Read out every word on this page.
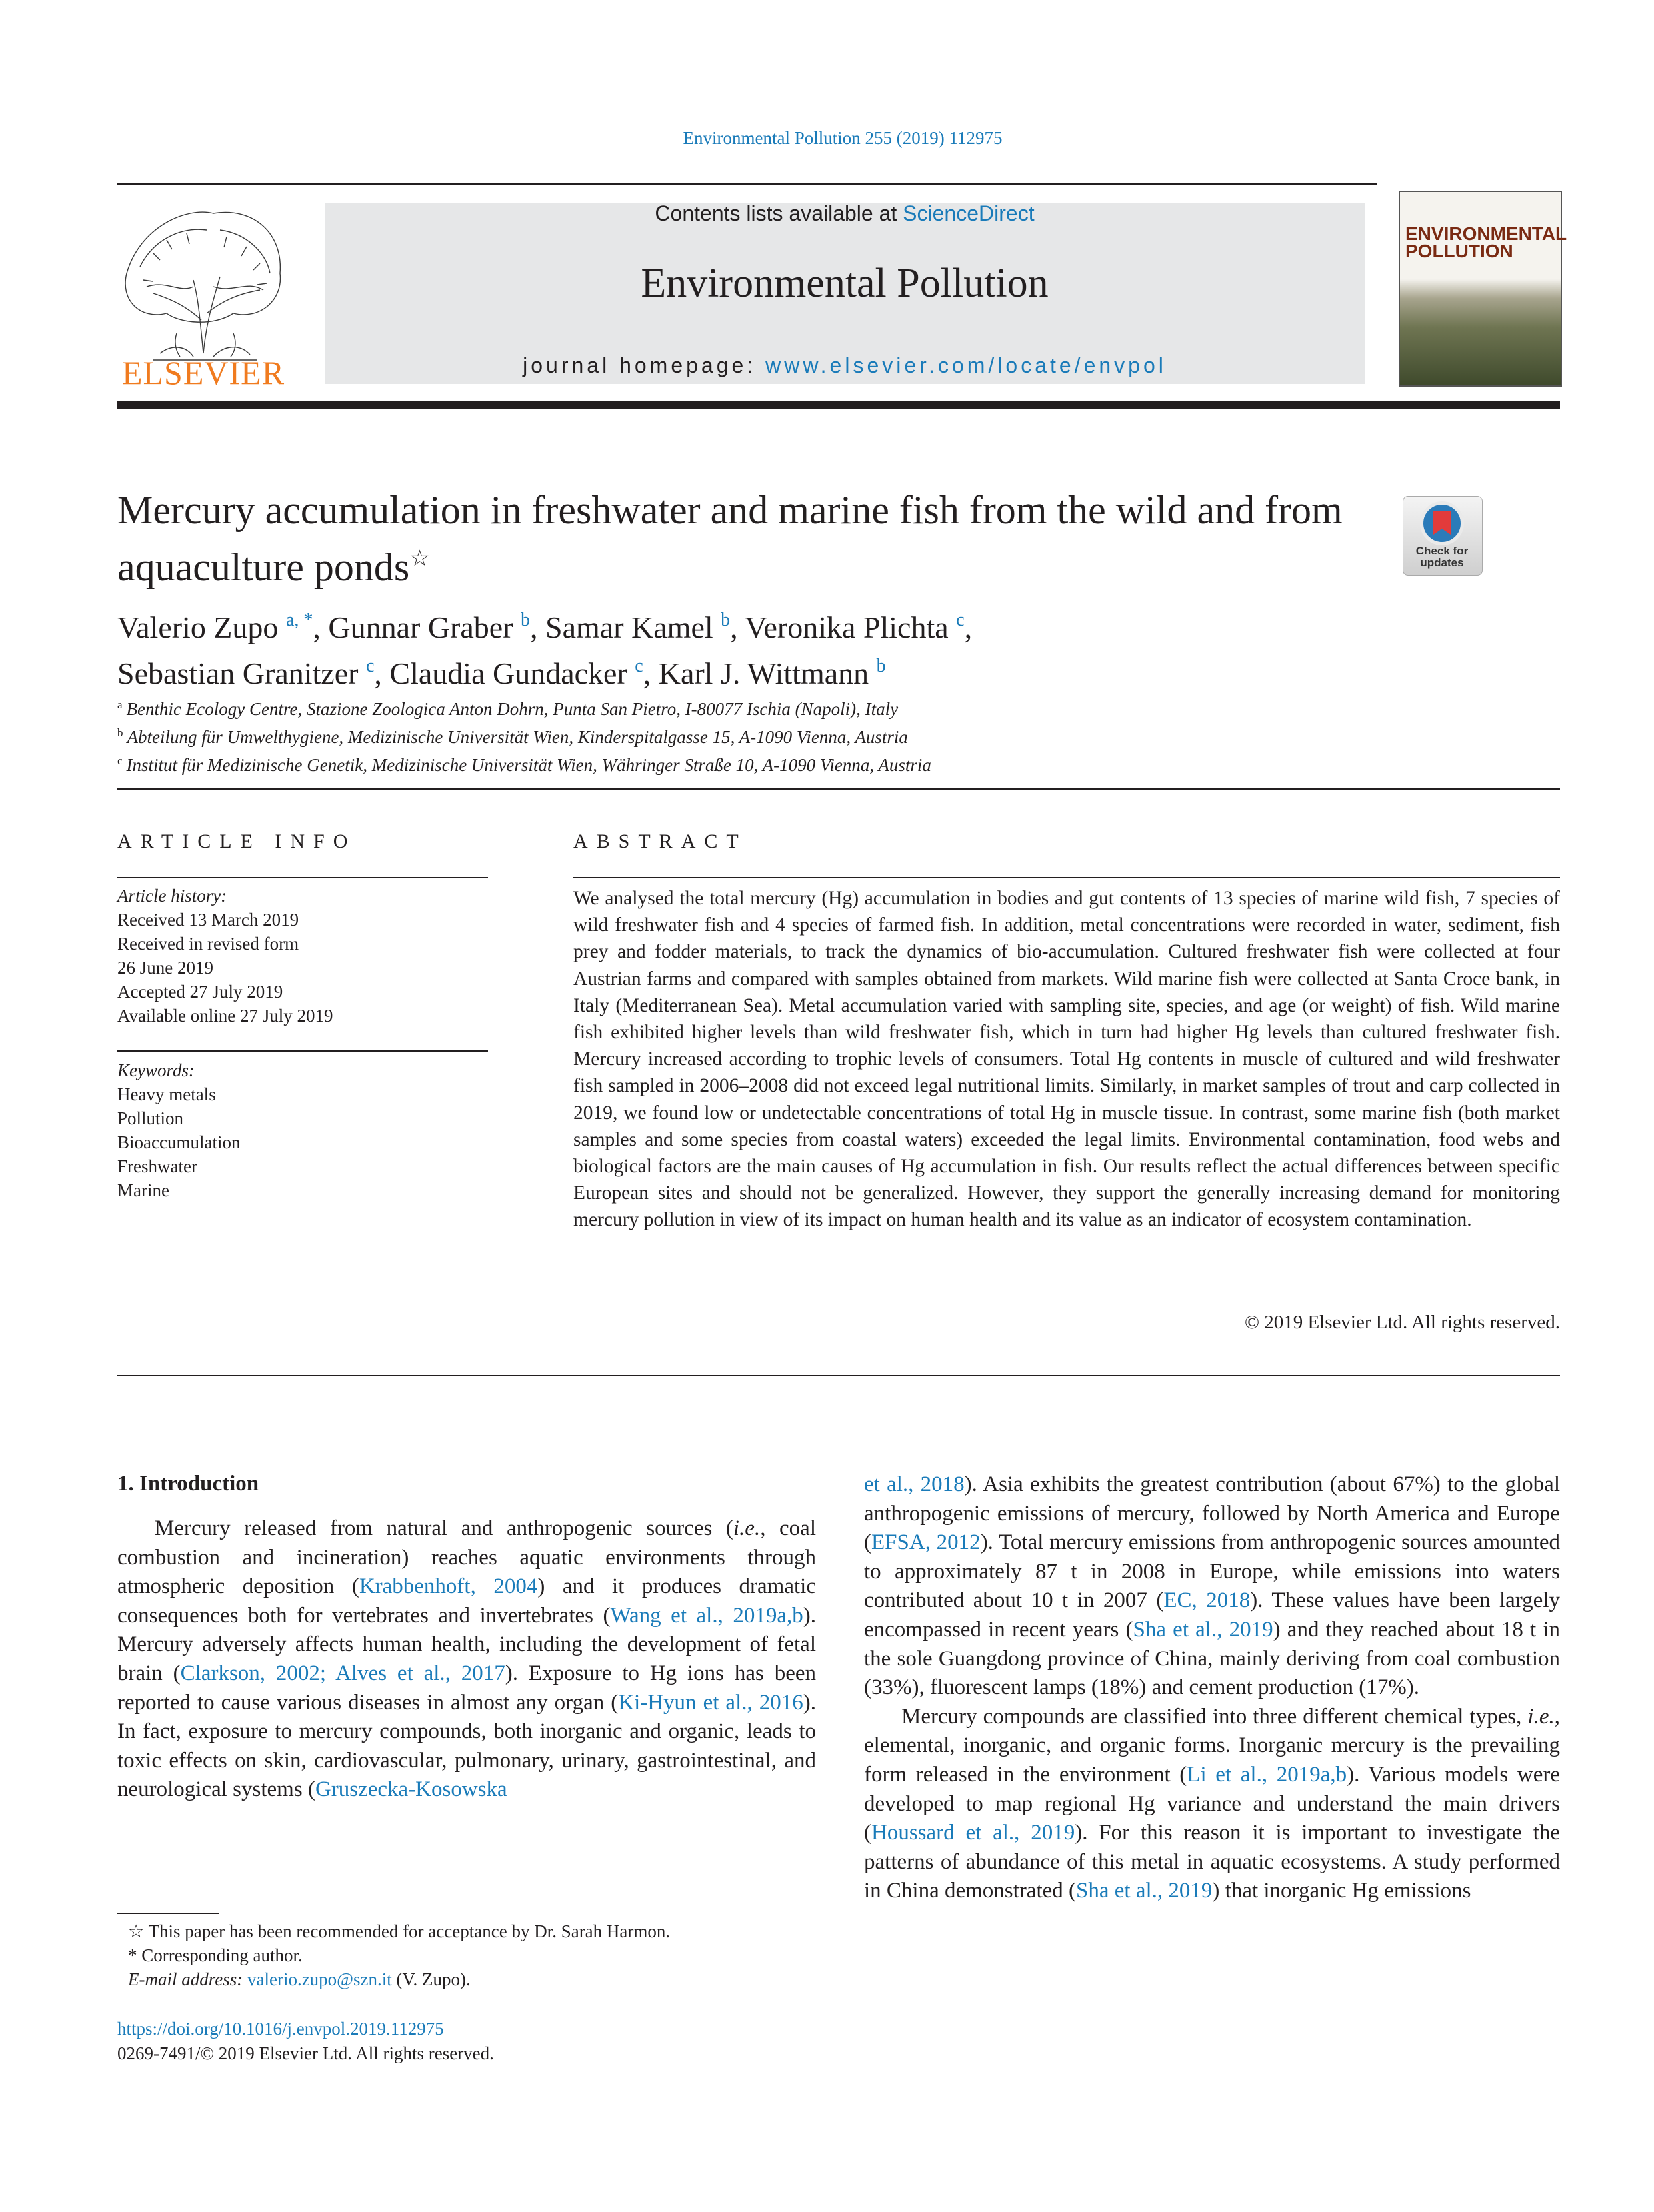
Environmental Pollution 255 (2019) 112975
ELSEVIER
Contents lists available at ScienceDirect
Environmental Pollution
journal homepage: www.elsevier.com/locate/envpol
ENVIRONMENTAL POLLUTION
Mercury accumulation in freshwater and marine fish from the wild and from aquaculture ponds☆	Check for updates
Valerio Zupo $^{a, *}$, Gunnar Graber $^b$, Samar Kamel $^b$, Veronika Plichta $^c$,
Sebastian Granitzer $^c$, Claudia Gundacker $^c$, Karl J. Wittmann $^b$
$^a$ Benthic Ecology Centre, Stazione Zoologica Anton Dohrn, Punta San Pietro, I-80077 Ischia (Napoli), Italy
$^b$ Abteilung für Umwelthygiene, Medizinische Universität Wien, Kinderspitalgasse 15, A-1090 Vienna, Austria
$^c$ Institut für Medizinische Genetik, Medizinische Universität Wien, Währinger Straße 10, A-1090 Vienna, Austria
ARTICLE INFO	ABSTRACT
Article history:
Received 13 March 2019
Received in revised form
26 June 2019
Accepted 27 July 2019
Available online 27 July 2019
Keywords:
Heavy metals
Pollution
Bioaccumulation
Freshwater
Marine
We analysed the total mercury (Hg) accumulation in bodies and gut contents of 13 species of marine wild fish, 7 species of wild freshwater fish and 4 species of farmed fish. In addition, metal concentrations were recorded in water, sediment, fish prey and fodder materials, to track the dynamics of bio-accumulation. Cultured freshwater fish were collected at four Austrian farms and compared with samples obtained from markets. Wild marine fish were collected at Santa Croce bank, in Italy (Mediterranean Sea). Metal accumulation varied with sampling site, species, and age (or weight) of fish. Wild marine fish exhibited higher levels than wild freshwater fish, which in turn had higher Hg levels than cultured freshwater fish. Mercury increased according to trophic levels of consumers. Total Hg contents in muscle of cultured and wild freshwater fish sampled in 2006–2008 did not exceed legal nutritional limits. Similarly, in market samples of trout and carp collected in 2019, we found low or undetectable concentrations of total Hg in muscle tissue. In contrast, some marine fish (both market samples and some species from coastal waters) exceeded the legal limits. Environmental contamination, food webs and biological factors are the main causes of Hg accumulation in fish. Our results reflect the actual differences between specific European sites and should not be generalized. However, they support the generally increasing demand for monitoring mercury pollution in view of its impact on human health and its value as an indicator of ecosystem contamination.
© 2019 Elsevier Ltd. All rights reserved.
1. Introduction

Mercury released from natural and anthropogenic sources (i.e., coal combustion and incineration) reaches aquatic environments through atmospheric deposition (Krabbenhoft, 2004) and it produces dramatic consequences both for vertebrates and invertebrates (Wang et al., 2019a,b). Mercury adversely affects human health, including the development of fetal brain (Clarkson, 2002; Alves et al., 2017). Exposure to Hg ions has been reported to cause various diseases in almost any organ (Ki-Hyun et al., 2016). In fact, exposure to mercury compounds, both inorganic and organic, leads to toxic effects on skin, cardiovascular, pulmonary, urinary, gastrointestinal, and neurological systems (Gruszecka-Kosowska

et al., 2018). Asia exhibits the greatest contribution (about 67%) to the global anthropogenic emissions of mercury, followed by North America and Europe (EFSA, 2012). Total mercury emissions from anthropogenic sources amounted to approximately 87 t in 2008 in Europe, while emissions into waters contributed about 10 t in 2007 (EC, 2018). These values have been largely encompassed in recent years (Sha et al., 2019) and they reached about 18 t in the sole Guangdong province of China, mainly deriving from coal combustion (33%), fluorescent lamps (18%) and cement production (17%).

Mercury compounds are classified into three different chemical types, i.e., elemental, inorganic, and organic forms. Inorganic mercury is the prevailing form released in the environment (Li et al., 2019a,b). Various models were developed to map regional Hg variance and understand the main drivers (Houssard et al., 2019). For this reason it is important to investigate the patterns of abundance of this metal in aquatic ecosystems. A study performed in China demonstrated (Sha et al., 2019) that inorganic Hg emissions

☆ This paper has been recommended for acceptance by Dr. Sarah Harmon.
* Corresponding author.
E-mail address: valerio.zupo@szn.it (V. Zupo).
https://doi.org/10.1016/j.envpol.2019.112975
0269-7491/© 2019 Elsevier Ltd. All rights reserved.
